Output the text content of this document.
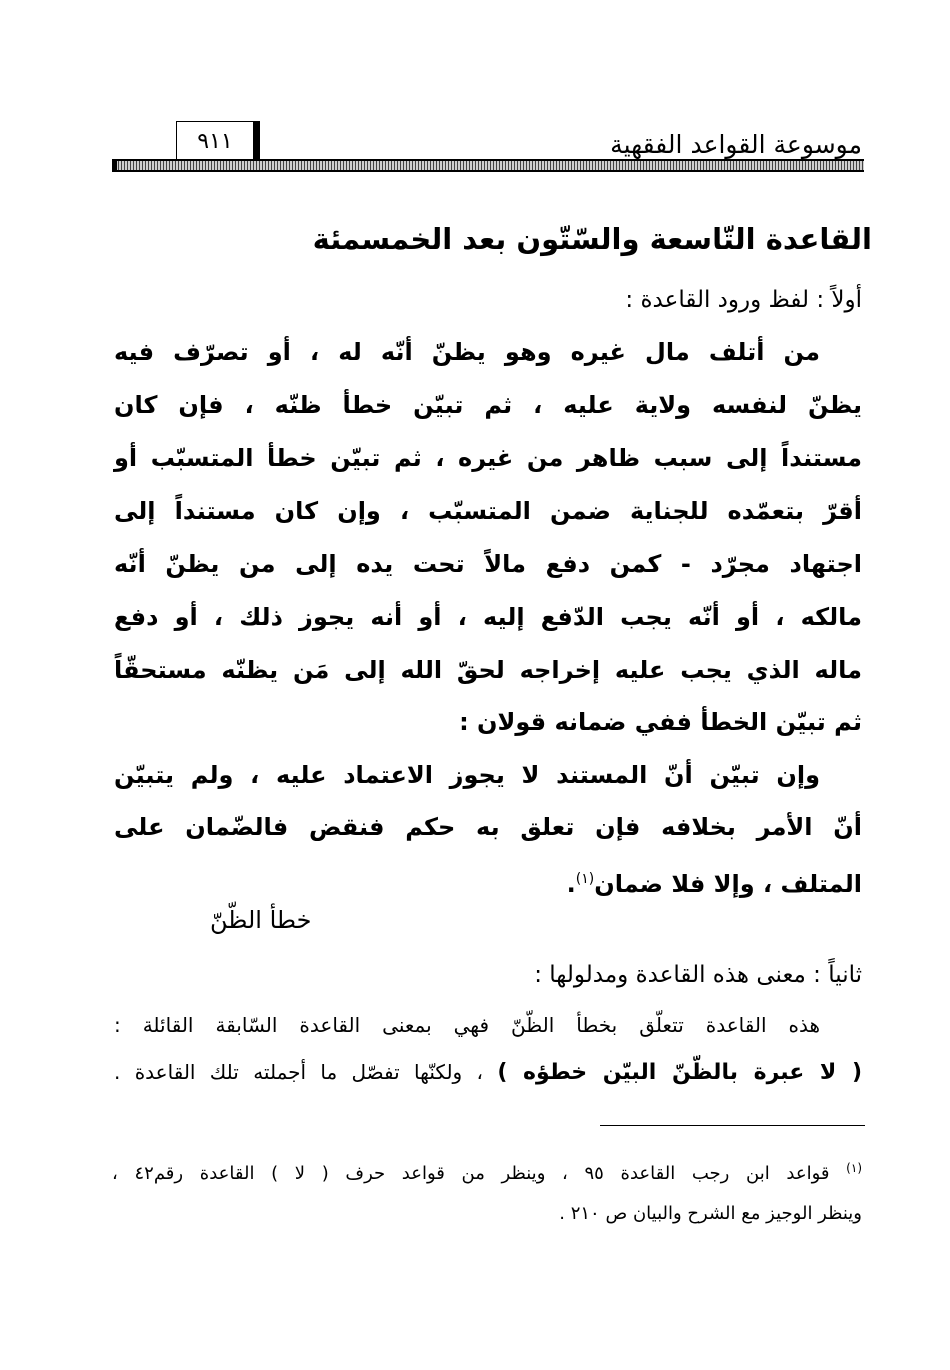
موسوعة القواعد الفقهية
٩١١
القاعدة التّاسعة والسّتّون بعد الخمسمئة
أولاً : لفظ ورود القاعدة :
من أتلف مال غيره وهو يظنّ أنّه له ، أو تصرّف فيه
يظنّ لنفسه ولاية عليه ، ثم تبيّن خطأ ظنّه ، فإن كان
مستنداً إلى سبب ظاهر من غيره ، ثم تبيّن خطأ المتسبّب أو
أقرّ بتعمّده للجناية ضمن المتسبّب ، وإن كان مستنداً إلى
اجتهاد مجرّد - كمن دفع مالاً تحت يده إلى من يظنّ أنّه
مالكه ، أو أنّه يجب الدّفع إليه ، أو أنه يجوز ذلك ، أو دفع
ماله الذي يجب عليه إخراجه لحقّ الله إلى مَن يظنّه مستحقّاً
ثم تبيّن الخطأ ففي ضمانه قولان :
وإن تبيّن أنّ المستند لا يجوز الاعتماد عليه ، ولم يتبيّن
أنّ الأمر بخلافه فإن تعلق به حكم فنقض فالضّمان على
المتلف ، وإلا فلا ضمان$^{(١)}$.
خطأ الظّنّ
ثانياً : معنى هذه القاعدة ومدلولها :
هذه القاعدة تتعلّق بخطأ الظّنّ فهي بمعنى القاعدة السّابقة القائلة :
( لا عبرة بالظّنّ البيّن خطؤه ) ، ولكنّها تفصّل ما أجملته تلك القاعدة .
$^{(١)}$ قواعد ابن رجب القاعدة ٩٥ ، وينظر من قواعد حرف ( لا ) القاعدة رقم٤٢ ،
وينظر الوجيز مع الشرح والبيان ص ٢١٠ .
